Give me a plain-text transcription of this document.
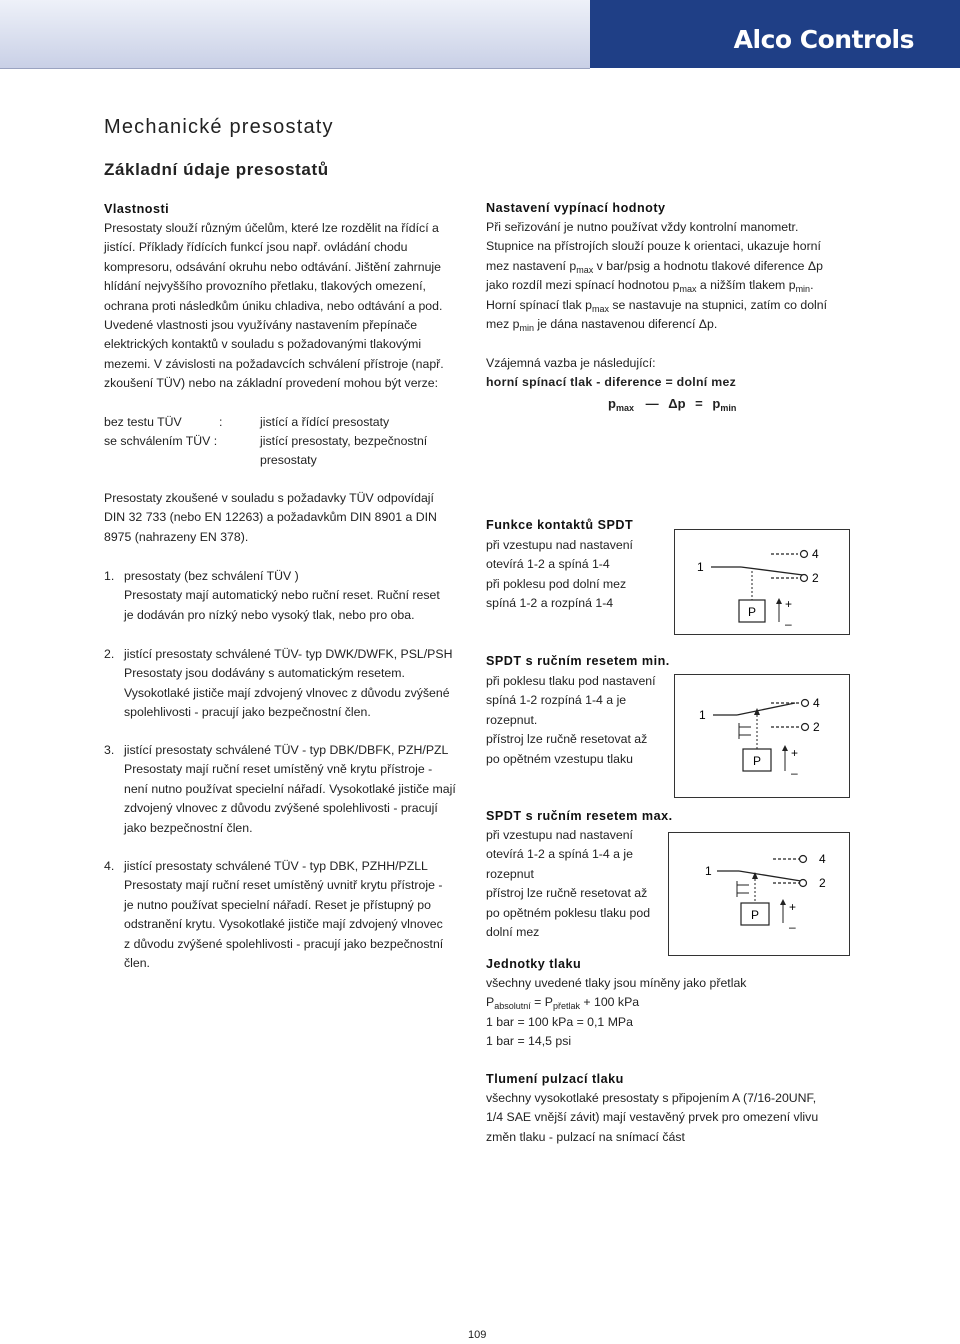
Alco Controls
Mechanické presostaty
Základní údaje presostatů
Vlastnosti
Presostaty slouží různým účelům, které lze rozdělit na řídící a
jistící. Příklady řídících funkcí jsou např. ovládání chodu
kompresoru, odsávání okruhu nebo odtávání. Jištění zahrnuje
hlídání nejvyššího provozního přetlaku, tlakových omezení,
ochrana proti následkům úniku chladiva, nebo odtávání a pod.
Uvedené vlastnosti jsou využívány nastavením přepínače
elektrických kontaktů v souladu s požadovanými tlakovými
mezemi. V závislosti na požadavcích schválení přístroje (např.
zkoušení TÜV) nebo na základní provedení mohou být verze:
bez testu TÜV	:	jistící a řídící presostaty
se schválením TÜV :	jistící presostaty, bezpečnostní
presostaty
Presostaty zkoušené v souladu s požadavky TÜV odpovídají
DIN 32 733 (nebo EN 12263) a požadavkům DIN 8901 a DIN
8975 (nahrazeny EN 378).
1. presostaty (bez schválení TÜV )
Presostaty mají automatický nebo ruční reset. Ruční reset
je dodáván pro nízký nebo vysoký tlak, nebo pro oba.
2. jistící presostaty schválené TÜV- typ DWK/DWFK, PSL/PSH
Presostaty jsou dodávány s automatickým resetem.
Vysokotlaké jističe mají zdvojený vlnovec z důvodu zvýšené
spolehlivosti - pracují jako bezpečnostní člen.
3. jistící presostaty schválené TÜV - typ DBK/DBFK, PZH/PZL
Presostaty mají ruční reset umístěný vně krytu přístroje -
není nutno používat specielní nářadí. Vysokotlaké jističe mají
zdvojený vlnovec z důvodu zvýšené spolehlivosti - pracují
jako bezpečnostní člen.
4. jistící presostaty schválené TÜV - typ DBK, PZHH/PZLL
Presostaty mají ruční reset umístěný uvnitř krytu přístroje -
je nutno používat specielní nářadí. Reset je přístupný po
odstranění krytu. Vysokotlaké jističe mají zdvojený vlnovec
z důvodu zvýšené spolehlivosti - pracují jako bezpečnostní
člen.
Nastavení vypínací hodnoty
Při seřizování je nutno používat vždy kontrolní manometr.
Stupnice na přístrojích slouží pouze k orientaci, ukazuje horní
mez nastavení $p_{max}$ v bar/psig a hodnotu tlakové diference Δp
jako rozdíl mezi spínací hodnotou $p_{max}$ a nižším tlakem $p_{min}$.
Horní spínací tlak $p_{max}$ se nastavuje na stupnici, zatím co dolní
mez $p_{min}$ je dána nastavenou diferencí Δp.
Vzájemná vazba je následující:
horní spínací tlak - diference = dolní mez
$p_{max}$ — $\Delta p = p_{min}$
Funkce kontaktů SPDT
při vzestupu nad nastavení
otevírá 1-2 a spíná 1-4
při poklesu pod dolní mez
spíná 1-2 a rozpíná 1-4
1
4
2
P
+
–
SPDT s ručním resetem min.
při poklesu tlaku pod nastavení
spíná 1-2 rozpíná 1-4 a je
rozepnut.
přístroj lze ručně resetovat až
po opětném vzestupu tlaku
1
4
2
P
+
–
SPDT s ručním resetem max.
při vzestupu nad nastavení
otevírá 1-2 a spíná 1-4 a je
rozepnut
přístroj lze ručně resetovat až
po opětném poklesu tlaku pod
dolní mez
1
4
2
P
+
–
Jednotky tlaku
všechny uvedené tlaky jsou míněny jako přetlak
$P_{absolutní} = P_{přetlak} + 100$ kPa
1 bar = 100 kPa = 0,1 MPa
1 bar = 14,5 psi
Tlumení pulzací tlaku
všechny vysokotlaké presostaty s připojením A (7/16-20UNF,
1/4 SAE vnější závit) mají vestavěný prvek pro omezení vlivu
změn tlaku - pulzací na snímací část
109
